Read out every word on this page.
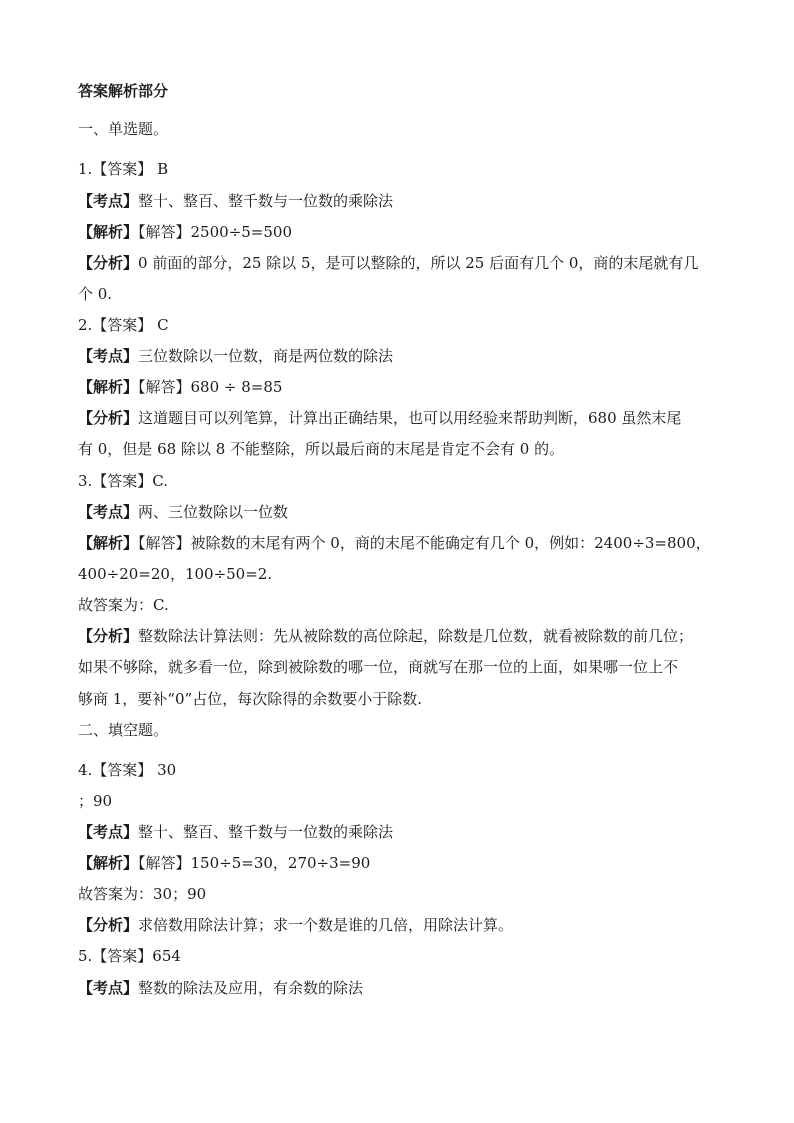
答案解析部分
一、单选题。
1.【答案】 B
【考点】整十、整百、整千数与一位数的乘除法
【解析】【解答】2500÷5=500
【分析】0 前面的部分，25 除以 5，是可以整除的，所以 25 后面有几个 0，商的末尾就有几
个 0.
2.【答案】 C
【考点】三位数除以一位数，商是两位数的除法
【解析】【解答】680 ÷ 8=85
【分析】这道题目可以列笔算，计算出正确结果，也可以用经验来帮助判断，680 虽然末尾
有 0，但是 68 除以 8 不能整除，所以最后商的末尾是肯定不会有 0 的。
3.【答案】C.
【考点】两、三位数除以一位数
【解析】【解答】被除数的末尾有两个 0，商的末尾不能确定有几个 0，例如：2400÷3=800，
400÷20=20，100÷50=2.
故答案为：C.
【分析】整数除法计算法则：先从被除数的高位除起，除数是几位数，就看被除数的前几位；
如果不够除，就多看一位，除到被除数的哪一位，商就写在那一位的上面，如果哪一位上不
够商 1，要补“0”占位，每次除得的余数要小于除数.
二、填空题。
4.【答案】 30
；90
【考点】整十、整百、整千数与一位数的乘除法
【解析】【解答】150÷5=30，270÷3=90
故答案为：30；90
【分析】求倍数用除法计算；求一个数是谁的几倍，用除法计算。
5.【答案】654
【考点】整数的除法及应用，有余数的除法
